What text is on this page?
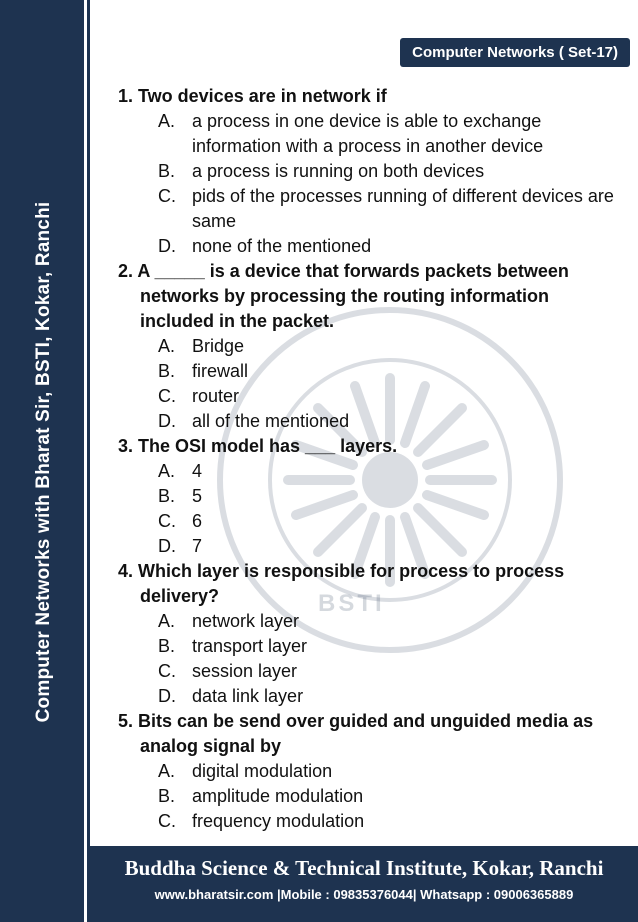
Computer Networks with Bharat Sir, BSTI, Kokar, Ranchi
Computer Networks ( Set-17)
BSTI
1. Two devices are in network if
A. a process in one device is able to exchange information with a process in another device
B. a process is running on both devices
C. pids of the processes running of different devices are same
D. none of the mentioned
2. A _____ is a device that forwards packets between networks by processing the routing information included in the packet.
A. Bridge
B. firewall
C. router
D. all of the mentioned
3. The OSI model has ___ layers.
A. 4
B. 5
C. 6
D. 7
4. Which layer is responsible for process to process delivery?
A. network layer
B. transport layer
C. session layer
D. data link layer
5. Bits can be send over guided and unguided media as analog signal by
A. digital modulation
B. amplitude modulation
C. frequency modulation
Buddha Science & Technical Institute, Kokar, Ranchi
www.bharatsir.com |Mobile : 09835376044| Whatsapp : 09006365889
